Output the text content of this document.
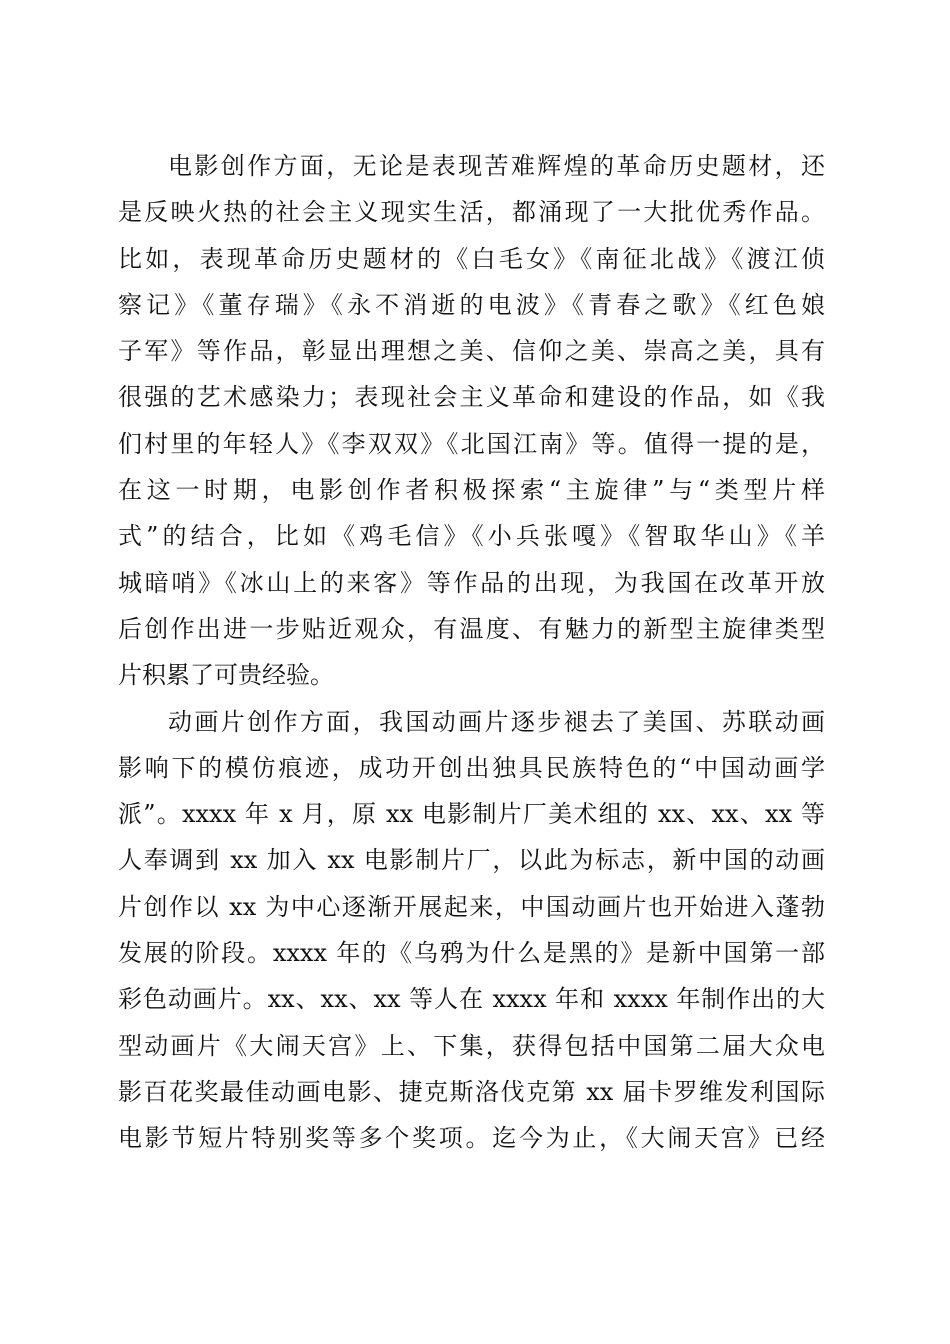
电影创作方面，无论是表现苦难辉煌的革命历史题材，还
是反映火热的社会主义现实生活，都涌现了一大批优秀作品。
比如，表现革命历史题材的《白毛女》《南征北战》《渡江侦
察记》《董存瑞》《永不消逝的电波》《青春之歌》《红色娘
子军》等作品，彰显出理想之美、信仰之美、崇高之美，具有
很强的艺术感染力；表现社会主义革命和建设的作品，如《我
们村里的年轻人》《李双双》《北国江南》等。值得一提的是，
在这一时期，电影创作者积极探索“主旋律”与“类型片样
式”的结合，比如《鸡毛信》《小兵张嘎》《智取华山》《羊
城暗哨》《冰山上的来客》等作品的出现，为我国在改革开放
后创作出进一步贴近观众，有温度、有魅力的新型主旋律类型
片积累了可贵经验。
动画片创作方面，我国动画片逐步褪去了美国、苏联动画
影响下的模仿痕迹，成功开创出独具民族特色的“中国动画学
派”。xxxx 年 x 月，原 xx 电影制片厂美术组的 xx、xx、xx 等
人奉调到 xx 加入 xx 电影制片厂，以此为标志，新中国的动画
片创作以 xx 为中心逐渐开展起来，中国动画片也开始进入蓬勃
发展的阶段。xxxx 年的《乌鸦为什么是黑的》是新中国第一部
彩色动画片。xx、xx、xx 等人在 xxxx 年和 xxxx 年制作出的大
型动画片《大闹天宫》上、下集，获得包括中国第二届大众电
影百花奖最佳动画电影、捷克斯洛伐克第 xx 届卡罗维发利国际
电影节短片特别奖等多个奖项。迄今为止，《大闹天宫》已经
